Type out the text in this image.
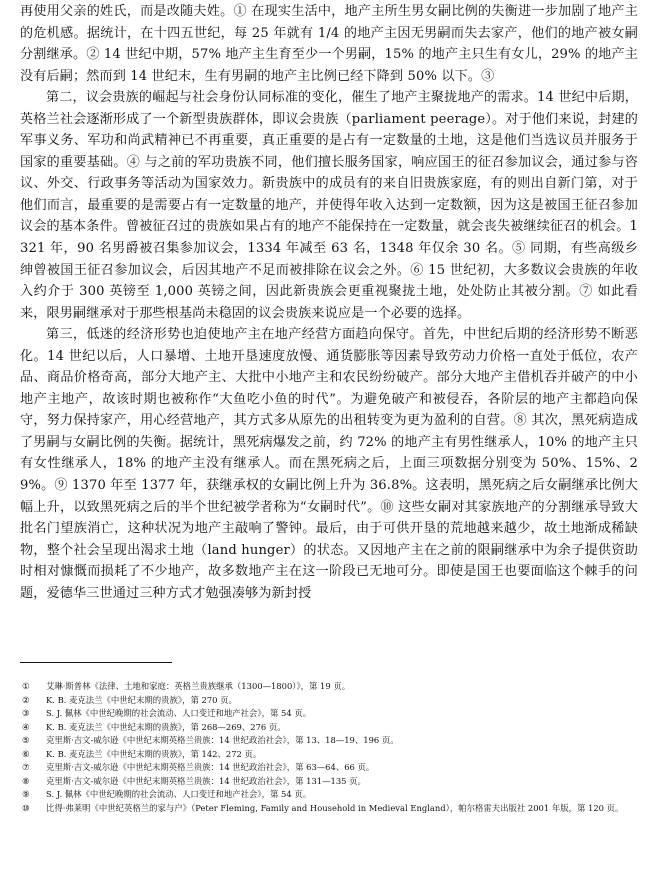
再使用父亲的姓氏，而是改随夫姓。① 在现实生活中，地产主所生男女嗣比例的失衡进一步加剧了地产主的危机感。据统计，在十四五世纪，每 25 年就有 1/4 的地产主因无男嗣而失去家产，他们的地产被女嗣分割继承。② 14 世纪中期，57% 地产主生育至少一个男嗣，15% 的地产主只生有女儿，29% 的地产主没有后嗣；然而到 14 世纪末，生有男嗣的地产主比例已经下降到 50% 以下。③

第二，议会贵族的崛起与社会身份认同标准的变化，催生了地产主聚拢地产的需求。14 世纪中后期，英格兰社会逐渐形成了一个新型贵族群体，即议会贵族（parliament peerage）。对于他们来说，封建的军事义务、军功和尚武精神已不再重要，真正重要的是占有一定数量的土地，这是他们当选议员并服务于国家的重要基础。④ 与之前的军功贵族不同，他们擅长服务国家，响应国王的征召参加议会，通过参与咨议、外交、行政事务等活动为国家效力。新贵族中的成员有的来自旧贵族家庭，有的则出自新门第，对于他们而言，最重要的是需要占有一定数量的地产，并使得年收入达到一定数额，因为这是被国王征召参加议会的基本条件。曾被征召过的贵族如果占有的地产不能保持在一定数量，就会丧失被继续征召的机会。1321 年，90 名男爵被召集参加议会，1334 年减至 63 名，1348 年仅余 30 名。⑤ 同期，有些高级乡绅曾被国王征召参加议会，后因其地产不足而被排除在议会之外。⑥ 15 世纪初，大多数议会贵族的年收入约介于 300 英镑至 1,000 英镑之间，因此新贵族会更重视聚拢土地，处处防止其被分割。⑦ 如此看来，限男嗣继承对于那些根基尚未稳固的议会贵族来说应是一个必要的选择。

第三，低迷的经济形势也迫使地产主在地产经营方面趋向保守。首先，中世纪后期的经济形势不断恶化。14 世纪以后，人口暴增、土地开垦速度放慢、通货膨胀等因素导致劳动力价格一直处于低位，农产品、商品价格奇高，部分大地产主、大批中小地产主和农民纷纷破产。部分大地产主借机吞并破产的中小地产主地产，故该时期也被称作“大鱼吃小鱼的时代”。为避免破产和被侵吞，各阶层的地产主都趋向保守，努力保持家产，用心经营地产，其方式多从原先的出租转变为更为盈利的自营。⑧ 其次，黑死病造成了男嗣与女嗣比例的失衡。据统计，黑死病爆发之前，约 72% 的地产主有男性继承人，10% 的地产主只有女性继承人，18% 的地产主没有继承人。而在黑死病之后，上面三项数据分别变为 50%、15%、29%。⑨ 1370 年至 1377 年，获继承权的女嗣比例上升为 36.8%。这表明，黑死病之后女嗣继承比例大幅上升，以致黑死病之后的半个世纪被学者称为“女嗣时代”。⑩ 这些女嗣对其家族地产的分割继承导致大批名门望族消亡，这种状况为地产主敲响了警钟。最后，由于可供开垦的荒地越来越少，故土地渐成稀缺物，整个社会呈现出渴求土地（land hunger）的状态。又因地产主在之前的限嗣继承中为余子提供资助时相对慷慨而损耗了不少地产，故多数地产主在这一阶段已无地可分。即使是国王也要面临这个棘手的问题，爱德华三世通过三种方式才勉强凑够为新封授

①	艾琳·斯普林《法律、土地和家庭：英格兰贵族继承（1300—1800）》，第 19 页。
②	K. B. 麦克法兰《中世纪末期的贵族》，第 270 页。
③	S. J. 佩林《中世纪晚期的社会流动、人口变迁和地产社会》，第 54 页。
④	K. B. 麦克法兰《中世纪末期的贵族》，第 268—269、276 页。
⑤	克里斯·吉文-威尔逊《中世纪末期英格兰贵族：14 世纪政治社会》，第 13、18—19、196 页。
⑥	K. B. 麦克法兰《中世纪末期的贵族》，第 142、272 页。
⑦	克里斯·吉文-威尔逊《中世纪末期英格兰贵族：14 世纪政治社会》，第 63—64、66 页。
⑧	克里斯·吉文-威尔逊《中世纪末期英格兰贵族：14 世纪政治社会》，第 131—135 页。
⑨	S. J. 佩林《中世纪晚期的社会流动、人口变迁和地产社会》，第 54 页。
⑩	比得·弗莱明《中世纪英格兰的家与户》（Peter Fleming, Family and Household in Medieval England），帕尔格雷夫出版社 2001 年版，第 120 页。
